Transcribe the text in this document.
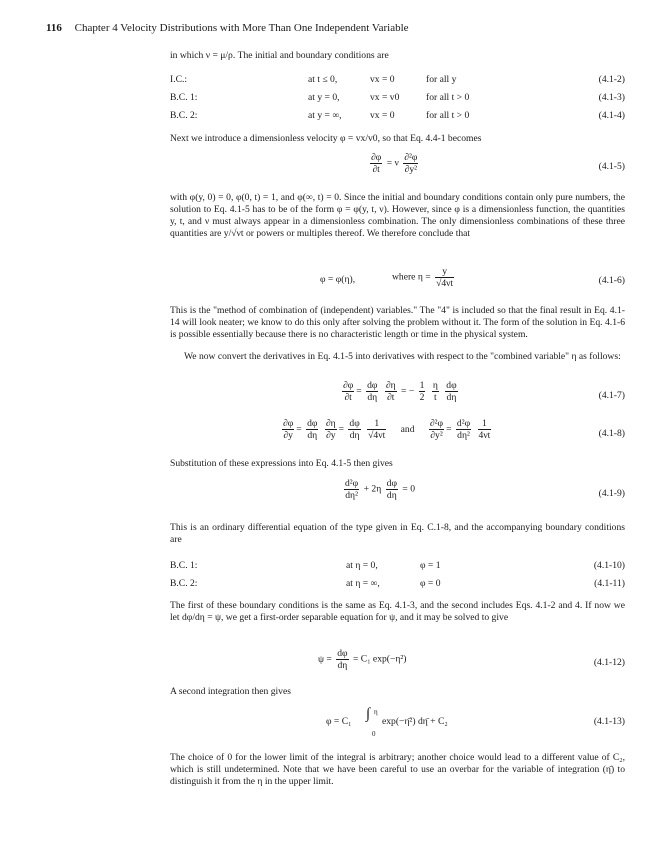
116 Chapter 4 Velocity Distributions with More Than One Independent Variable
in which ν = μ/ρ. The initial and boundary conditions are
I.C.:	at t ≤ 0,	vx = 0	for all y	(4.1-2)
B.C. 1:	at y = 0,	vx = v0	for all t > 0	(4.1-3)
B.C. 2:	at y = ∞,	vx = 0	for all t > 0	(4.1-4)
Next we introduce a dimensionless velocity φ = vx/v0, so that Eq. 4.4-1 becomes
$\frac{\partial\varphi}{\partial t} = \nu \frac{\text{∂²φ}}{\text{∂y²}}$	(4.1-5)
with φ(y, 0) = 0, φ(0, t) = 1, and φ(∞, t) = 0. Since the initial and boundary conditions contain only pure numbers, the solution to Eq. 4.1-5 has to be of the form φ = φ(y, t, ν). However, since φ is a dimensionless function, the quantities y, t, and ν must always appear in a dimensionless combination. The only dimensionless combinations of these three quantities are y/√νt or powers or multiples thereof. We therefore conclude that
φ = φ(η),	where $\eta = \frac{y}{√4\nu t}$	(4.1-6)
This is the "method of combination of (independent) variables." The "4" is included so that the final result in Eq. 4.1-14 will look neater; we know to do this only after solving the problem without it. The form of the solution in Eq. 4.1-6 is possible essentially because there is no characteristic length or time in the physical system.
We now convert the derivatives in Eq. 4.1-5 into derivatives with respect to the "combined variable" η as follows:
$\frac{\partial\varphi}{\partial t} = \frac{d\varphi}{d\eta}$
$\frac{\partial\eta}{\partial t}$ = − $\frac{1}{2}$
$\frac{\eta}{t}$
$\frac{d\varphi}{d\eta}$	(4.1-7)
$\frac{\partial\varphi}{\partial y} = \frac{d\varphi}{d\eta}$
$\frac{\partial\eta}{\partial y} = \frac{d\varphi}{d\eta}$
$\frac{1}{√4\nu t}$ and $\frac{\text{∂²φ}}{\text{∂y²}} = \frac{\text{d²φ}}{\text{dη²}}$
$\frac{1}{4\nu t}$	(4.1-8)
Substitution of these expressions into Eq. 4.1-5 then gives
$\frac{\text{d²φ}}{\text{dη²}} + 2\eta \frac{d\varphi}{d\eta} = 0$	(4.1-9)
This is an ordinary differential equation of the type given in Eq. C.1-8, and the accompanying boundary conditions are
B.C. 1:	at η = 0,	φ = 1	(4.1-10)
B.C. 2:	at η = ∞,	φ = 0	(4.1-11)
The first of these boundary conditions is the same as Eq. 4.1-3, and the second includes Eqs. 4.1-2 and 4. If now we let dφ/dη = ψ, we get a first-order separable equation for ψ, and it may be solved to give
$\psi = \frac{d\varphi}{d\eta} = C_1$ exp(−η²)	(4.1-12)
A second integration then gives
φ = C₁ ∫ η
0
exp(−η̄²) dη̄ + C₂	(4.1-13)
The choice of 0 for the lower limit of the integral is arbitrary; another choice would lead to a different value of C₂, which is still undetermined. Note that we have been careful to use an overbar for the variable of integration (η̄) to distinguish it from the η in the upper limit.
